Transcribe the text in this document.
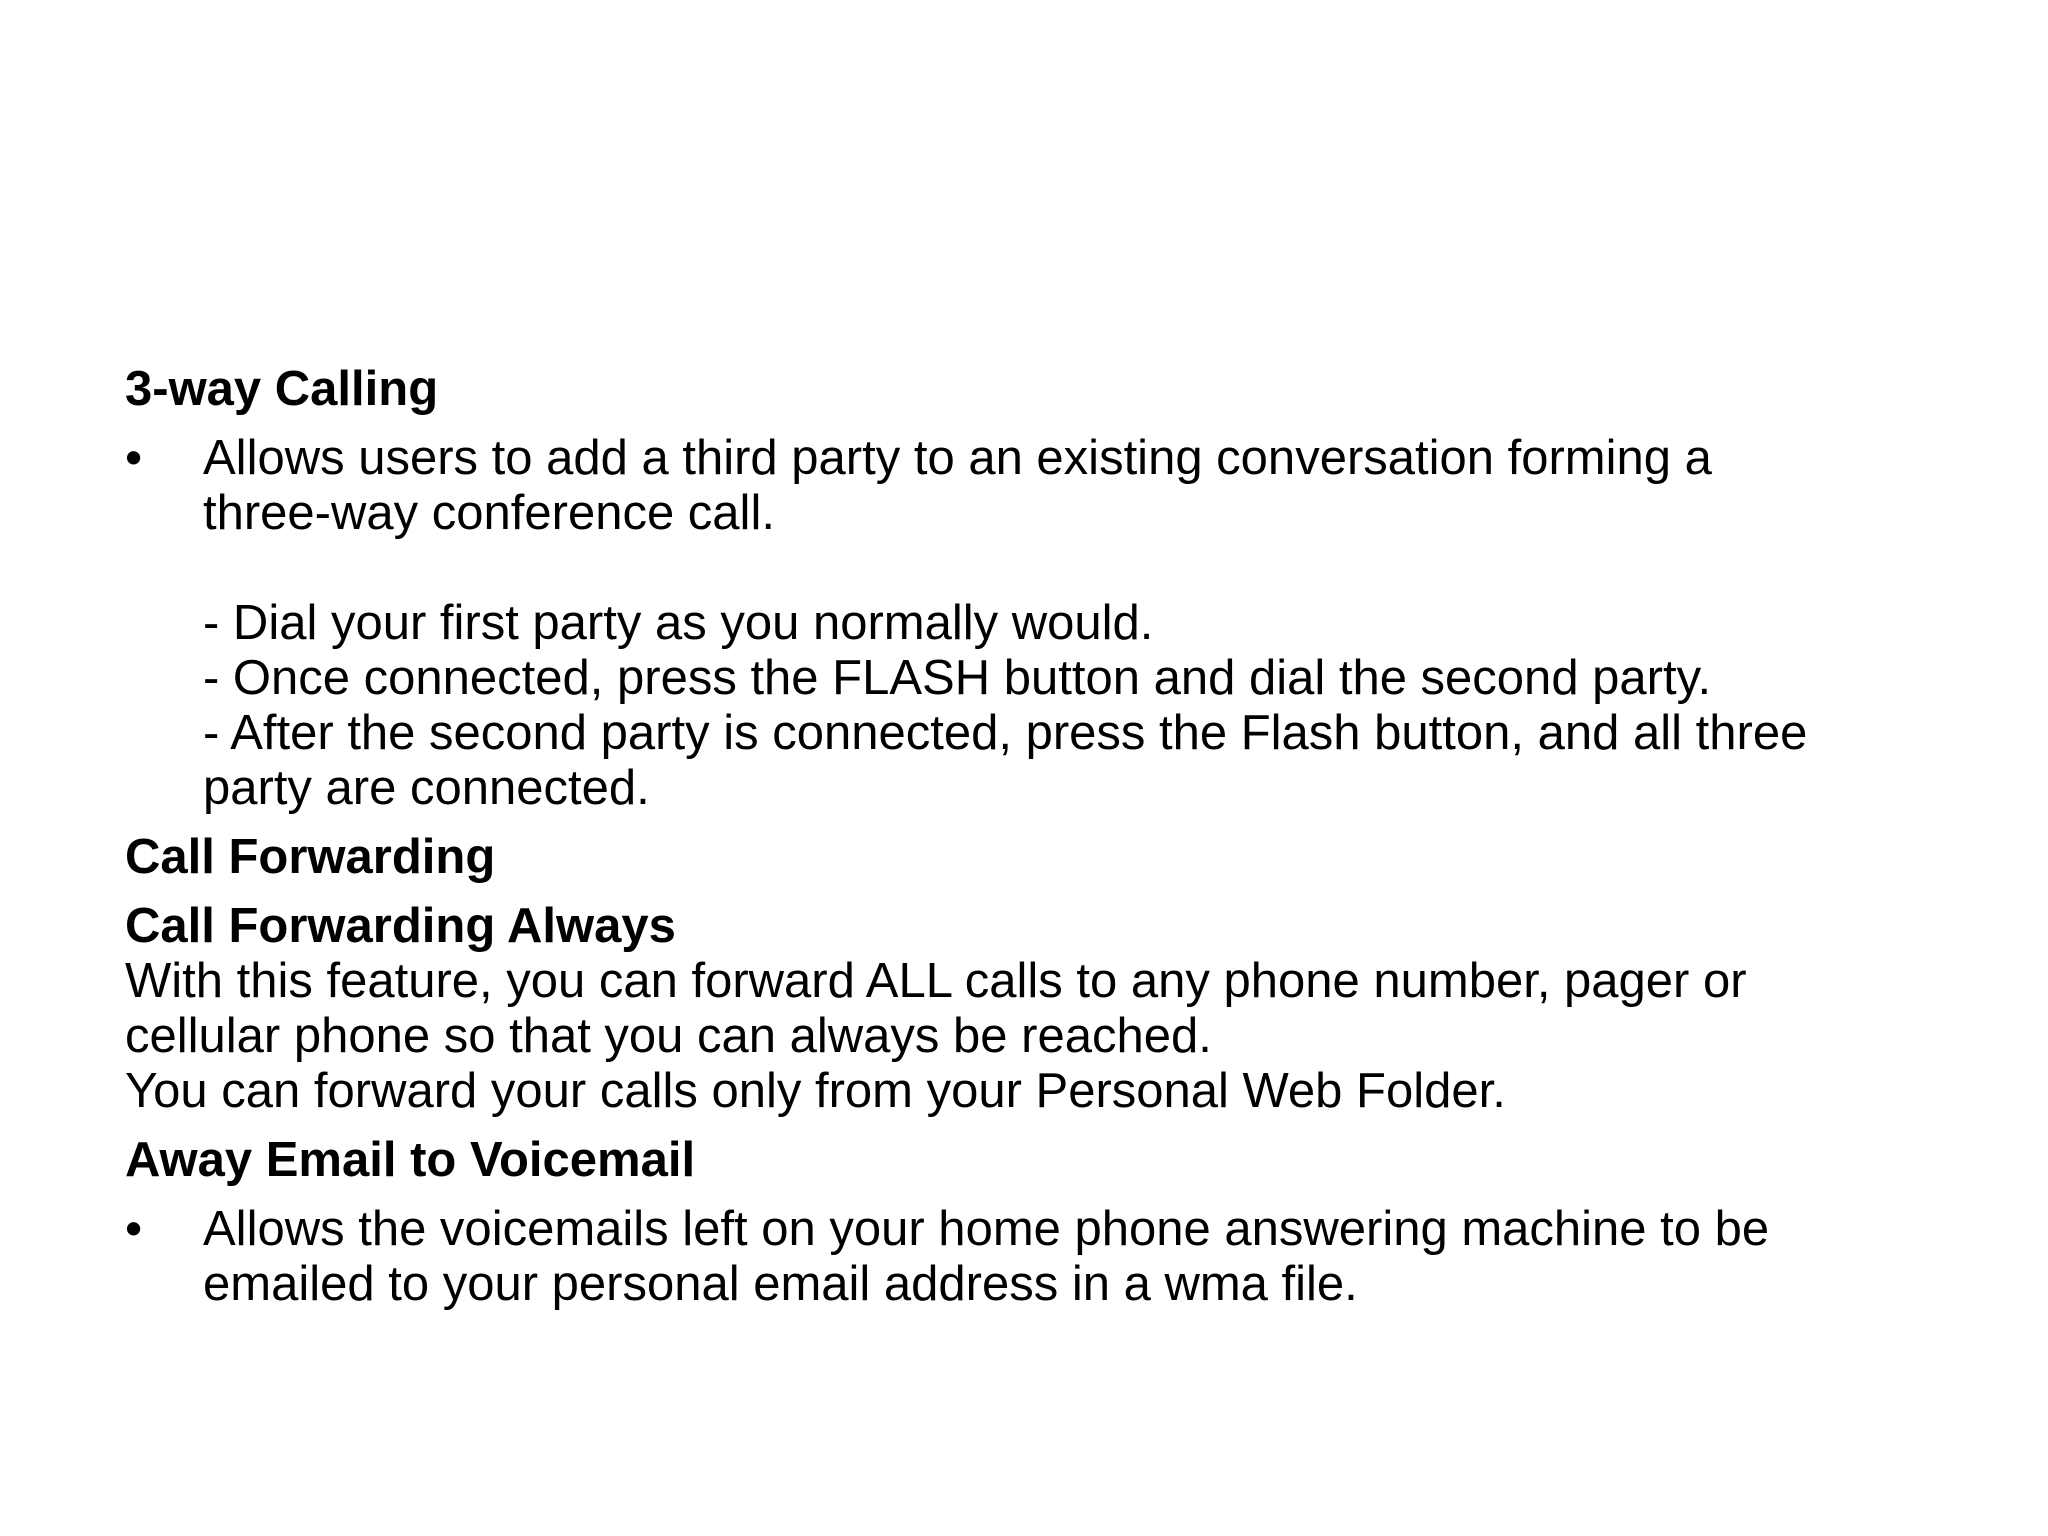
3-way Calling

• Allows users to add a third party to an existing conversation forming a
three-way conference call.
- Dial your first party as you normally would.
- Once connected, press the FLASH button and dial the second party.
- After the second party is connected, press the Flash button, and all three
party are connected.

Call Forwarding

Call Forwarding Always

With this feature, you can forward ALL calls to any phone number, pager or
cellular phone so that you can always be reached.
You can forward your calls only from your Personal Web Folder.

Away Email to Voicemail

• Allows the voicemails left on your home phone answering machine to be
emailed to your personal email address in a wma file.
